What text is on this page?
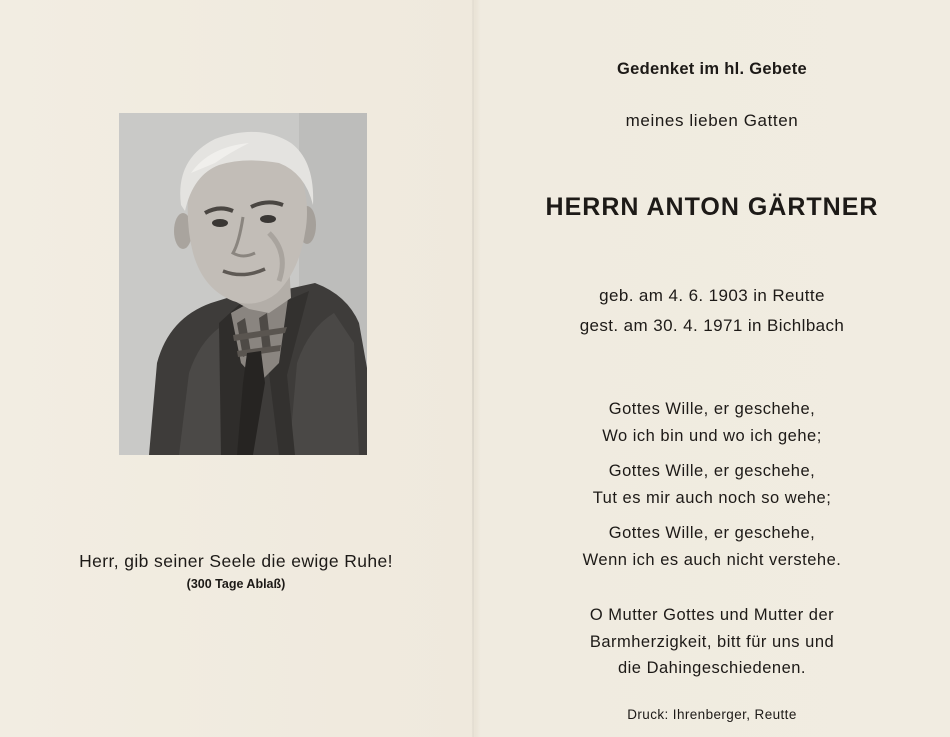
Herr, gib seiner Seele die ewige Ruhe!
(300 Tage Ablaß)
Gedenket im hl. Gebete
meines lieben Gatten
HERRN ANTON GÄRTNER
geb. am 4. 6. 1903 in Reutte
gest. am 30. 4. 1971 in Bichlbach
Gottes Wille, er geschehe,
Wo ich bin und wo ich gehe;
Gottes Wille, er geschehe,
Tut es mir auch noch so wehe;
Gottes Wille, er geschehe,
Wenn ich es auch nicht verstehe.
O Mutter Gottes und Mutter der
Barmherzigkeit, bitt für uns und
die Dahingeschiedenen.
Druck: Ihrenberger, Reutte
